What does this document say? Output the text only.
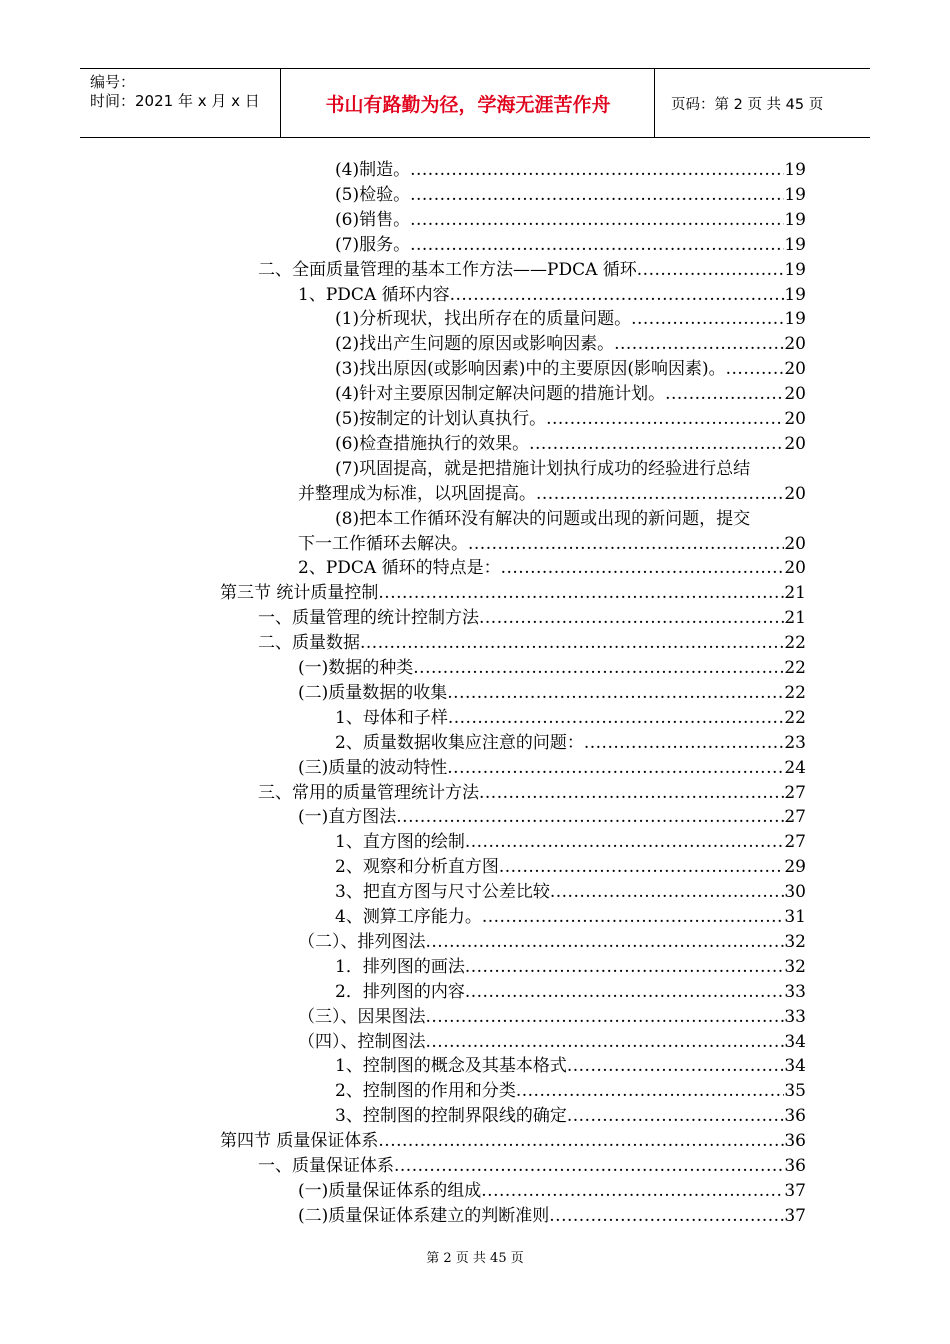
编号：
时间：2021 年 x 月 x 日	书山有路勤为径，学海无涯苦作舟	页码：第 2 页 共 45 页
(4)制造。 .....	19
(5)检验。 .....	19
(6)销售。 .....	19
(7)服务。 .....	19
二、全面质量管理的基本工作方法——PDCA 循环 .....	19
1、PDCA 循环内容 .....	19
(1)分析现状，找出所存在的质量问题。 .....	19
(2)找出产生问题的原因或影响因素。 .....	20
(3)找出原因(或影响因素)中的主要原因(影响因素)。 .....	20
(4)针对主要原因制定解决问题的措施计划。 .....	20
(5)按制定的计划认真执行。 .....	20
(6)检查措施执行的效果。 .....	20
(7)巩固提高，就是把措施计划执行成功的经验进行总结
并整理成为标准，以巩固提高。 .....	20
(8)把本工作循环没有解决的问题或出现的新问题，提交
下一工作循环去解决。 .....	20
2、PDCA 循环的特点是： .....	20
第三节 统计质量控制 .....	21
一、质量管理的统计控制方法 .....	21
二、质量数据 .....	22
(一)数据的种类 .....	22
(二)质量数据的收集 .....	22
1、母体和子样 .....	22
2、质量数据收集应注意的问题： .....	23
(三)质量的波动特性 .....	24
三、常用的质量管理统计方法 .....	27
(一)直方图法 .....	27
1、直方图的绘制 .....	27
2、观察和分析直方图 .....	29
3、把直方图与尺寸公差比较 .....	30
4、测算工序能力。 .....	31
（二）、排列图法 .....	32
1．排列图的画法 .....	32
2．排列图的内容 .....	33
（三）、因果图法 .....	33
（四）、控制图法 .....	34
1、控制图的概念及其基本格式 .....	34
2、控制图的作用和分类 .....	35
3、控制图的控制界限线的确定 .....	36
第四节 质量保证体系 .....	36
一、质量保证体系 .....	36
(一)质量保证体系的组成 .....	37
(二)质量保证体系建立的判断准则 .....	37
第 2 页 共 45 页
